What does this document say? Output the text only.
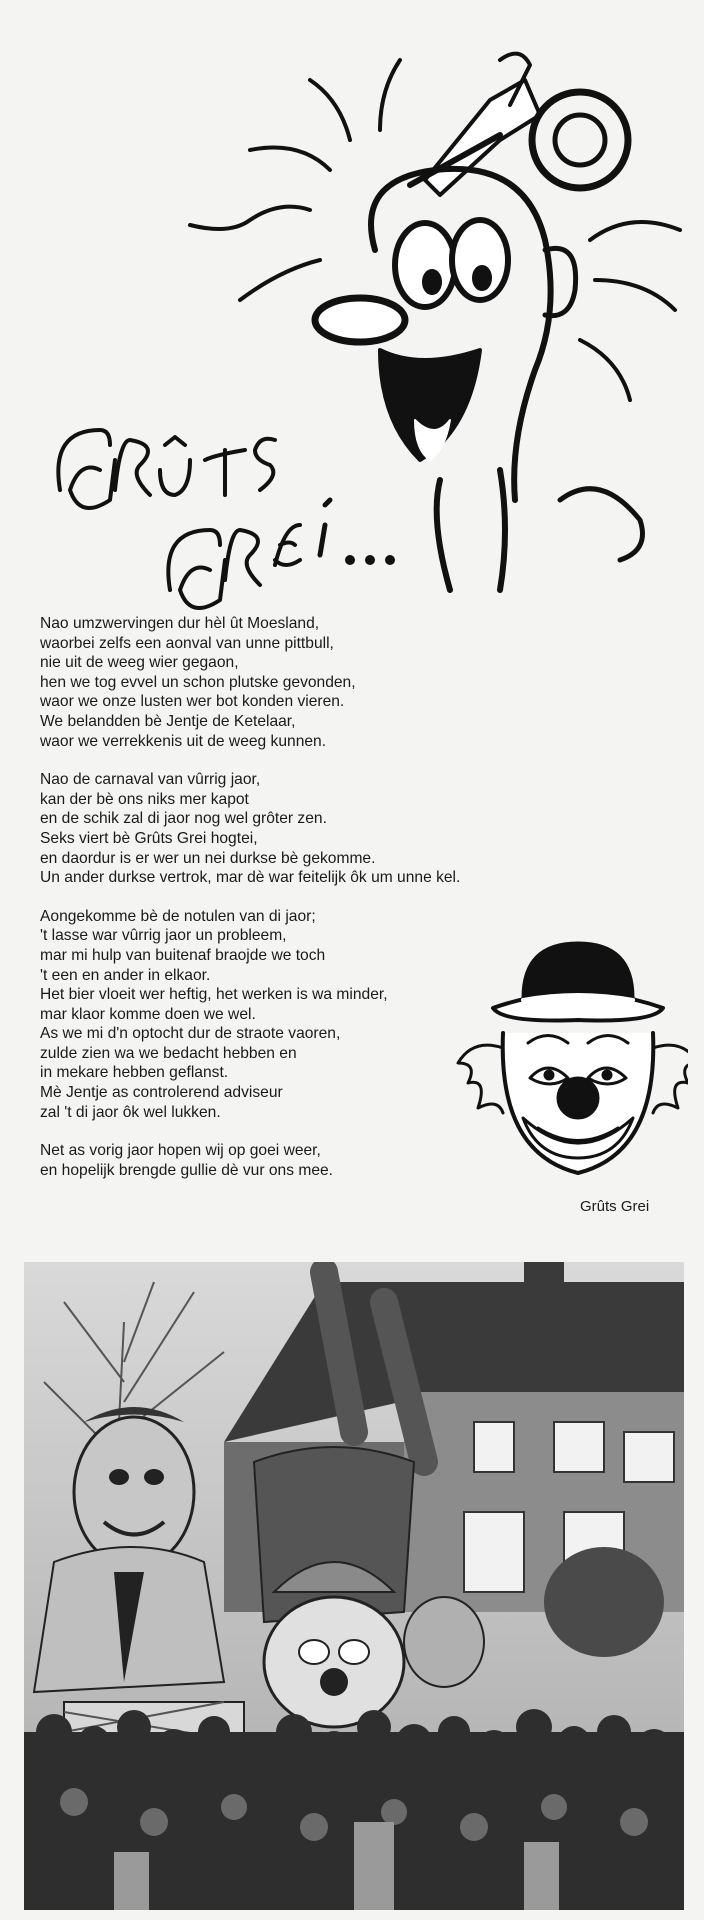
Nao umzwervingen dur hèl ût Moesland,

waorbei zelfs een aonval van unne pittbull,

nie uit de weeg wier gegaon,

hen we tog evvel un schon plutske gevonden,

waor we onze lusten wer bot konden vieren.

We belandden bè Jentje de Ketelaar,

waor we verrekkenis uit de weeg kunnen.

Nao de carnaval van vûrrig jaor,

kan der bè ons niks mer kapot

en de schik zal di jaor nog wel grôter zen.

Seks viert bè Grûts Grei hogtei,

en daordur is er wer un nei durkse bè gekomme.

Un ander durkse vertrok, mar dè war feitelijk ôk um unne kel.

Aongekomme bè de notulen van di jaor;

't lasse war vûrrig jaor un probleem,

mar mi hulp van buitenaf braojde we toch

't een en ander in elkaor.

Het bier vloeit wer heftig, het werken is wa minder,

mar klaor komme doen we wel.

As we mi d'n optocht dur de straote vaoren,

zulde zien wa we bedacht hebben en

in mekare hebben geflanst.

Mè Jentje as controlerend adviseur

zal 't di jaor ôk wel lukken.

Net as vorig jaor hopen wij op goei weer,

en hopelijk brengde gullie dè vur ons mee.

Grûts Grei
